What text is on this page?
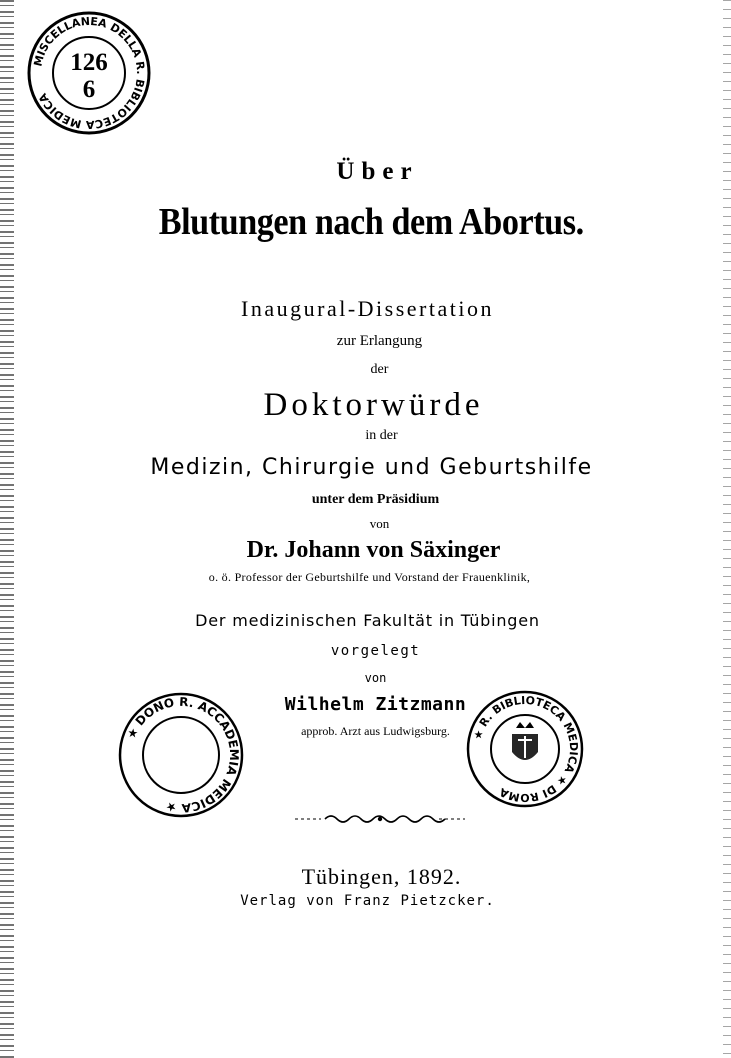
MISCELLANEA DELLA R. BIBLIOTECA MEDICA
126
6
Über
Blutungen nach dem Abortus.
Inaugural-Dissertation
zur Erlangung
der
Doktorwürde
in der
Medizin, Chirurgie und Geburtshilfe
unter dem Präsidium
von
Dr. Johann von Säxinger
o. ö. Professor der Geburtshilfe und Vorstand der Frauenklinik,
Der medizinischen Fakultät in Tübingen
vorgelegt
von
Wilhelm Zitzmann
approb. Arzt aus Ludwigsburg.
★ DONO R. ACCADEMIA MEDICA ★
★ R. BIBLIOTECA MEDICA ★ DI ROMA
Tübingen, 1892.
Verlag von Franz Pietzcker.
